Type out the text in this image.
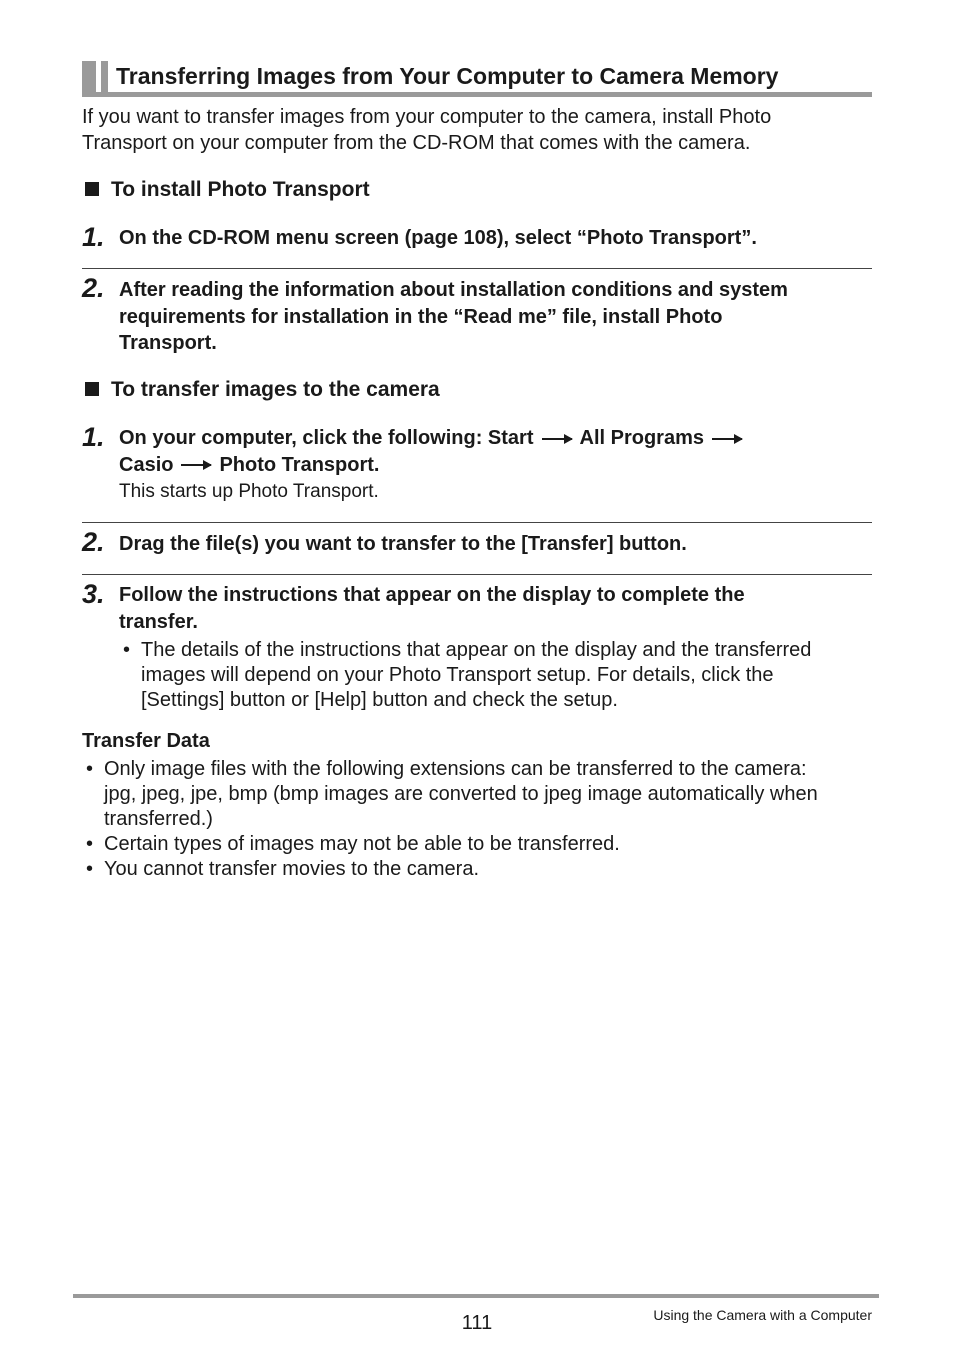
Transferring Images from Your Computer to Camera Memory
If you want to transfer images from your computer to the camera, install Photo
Transport on your computer from the CD-ROM that comes with the camera.
To install Photo Transport
1. On the CD-ROM menu screen (page 108), select “Photo Transport”.
2. After reading the information about installation conditions and system
requirements for installation in the “Read me” file, install Photo
Transport.
To transfer images to the camera
1. On your computer, click the following: Start All Programs
Casio Photo Transport.
This starts up Photo Transport.
2. Drag the file(s) you want to transfer to the [Transfer] button.
3. Follow the instructions that appear on the display to complete the
transfer.
• The details of the instructions that appear on the display and the transferred
images will depend on your Photo Transport setup. For details, click the
[Settings] button or [Help] button and check the setup.
Transfer Data
• Only image files with the following extensions can be transferred to the camera:
jpg, jpeg, jpe, bmp (bmp images are converted to jpeg image automatically when
transferred.)
• Certain types of images may not be able to be transferred.
• You cannot transfer movies to the camera.
111	Using the Camera with a Computer
